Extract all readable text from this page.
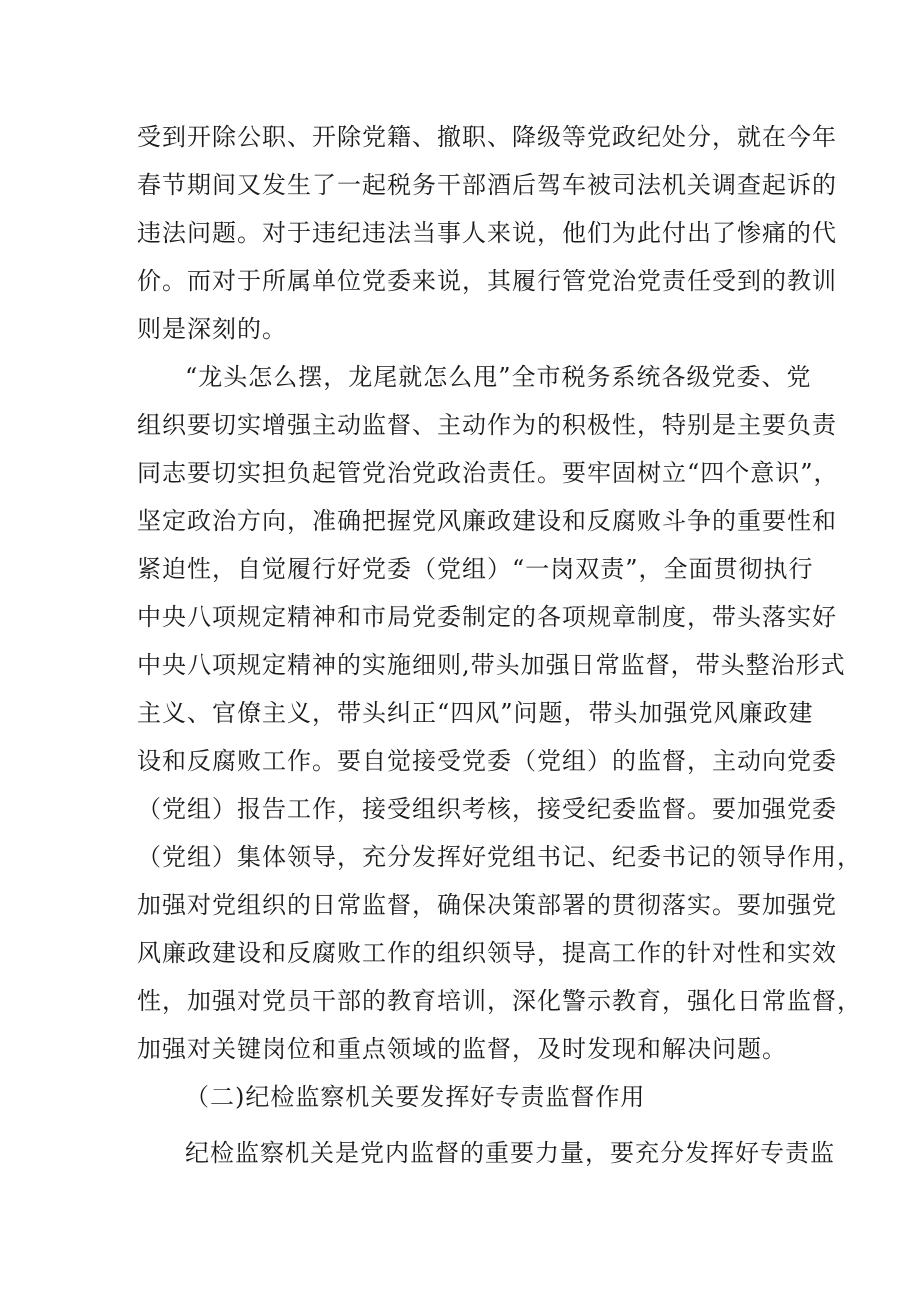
受到开除公职、开除党籍、撤职、降级等党政纪处分，就在今年
春节期间又发生了一起税务干部酒后驾车被司法机关调查起诉的
违法问题。对于违纪违法当事人来说，他们为此付出了惨痛的代
价。而对于所属单位党委来说，其履行管党治党责任受到的教训
则是深刻的。
“龙头怎么摆，龙尾就怎么甩”全市税务系统各级党委、党
组织要切实增强主动监督、主动作为的积极性，特别是主要负责
同志要切实担负起管党治党政治责任。要牢固树立“四个意识”，
坚定政治方向，准确把握党风廉政建设和反腐败斗争的重要性和
紧迫性，自觉履行好党委（党组）“一岗双责”，全面贯彻执行
中央八项规定精神和市局党委制定的各项规章制度，带头落实好
中央八项规定精神的实施细则,带头加强日常监督，带头整治形式
主义、官僚主义，带头纠正“四风”问题，带头加强党风廉政建
设和反腐败工作。要自觉接受党委（党组）的监督，主动向党委
（党组）报告工作，接受组织考核，接受纪委监督。要加强党委
（党组）集体领导，充分发挥好党组书记、纪委书记的领导作用，
加强对党组织的日常监督，确保决策部署的贯彻落实。要加强党
风廉政建设和反腐败工作的组织领导，提高工作的针对性和实效
性，加强对党员干部的教育培训，深化警示教育，强化日常监督，
加强对关键岗位和重点领域的监督，及时发现和解决问题。
（二)纪检监察机关要发挥好专责监督作用
纪检监察机关是党内监督的重要力量，要充分发挥好专责监
